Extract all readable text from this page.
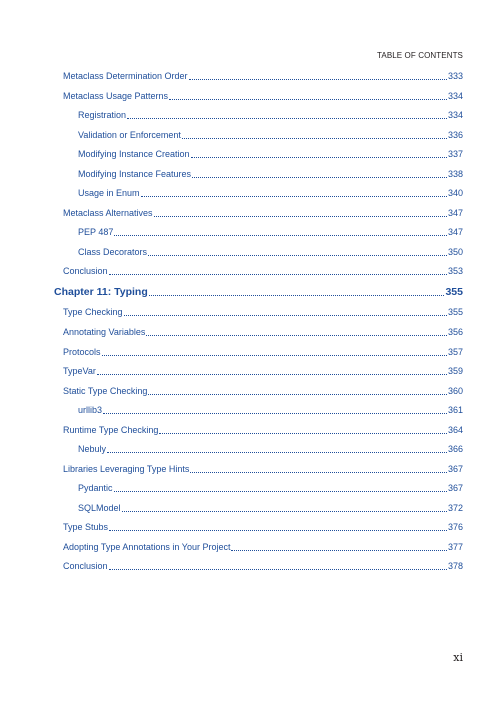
TABLE OF CONTENTS
Metaclass Determination Order	333
Metaclass Usage Patterns	334
Registration	334
Validation or Enforcement	336
Modifying Instance Creation	337
Modifying Instance Features	338
Usage in Enum	340
Metaclass Alternatives	347
PEP 487	347
Class Decorators	350
Conclusion	353
Chapter 11: Typing	355
Type Checking	355
Annotating Variables	356
Protocols	357
TypeVar	359
Static Type Checking	360
urllib3	361
Runtime Type Checking	364
Nebuly	366
Libraries Leveraging Type Hints	367
Pydantic	367
SQLModel	372
Type Stubs	376
Adopting Type Annotations in Your Project	377
Conclusion	378
xi
